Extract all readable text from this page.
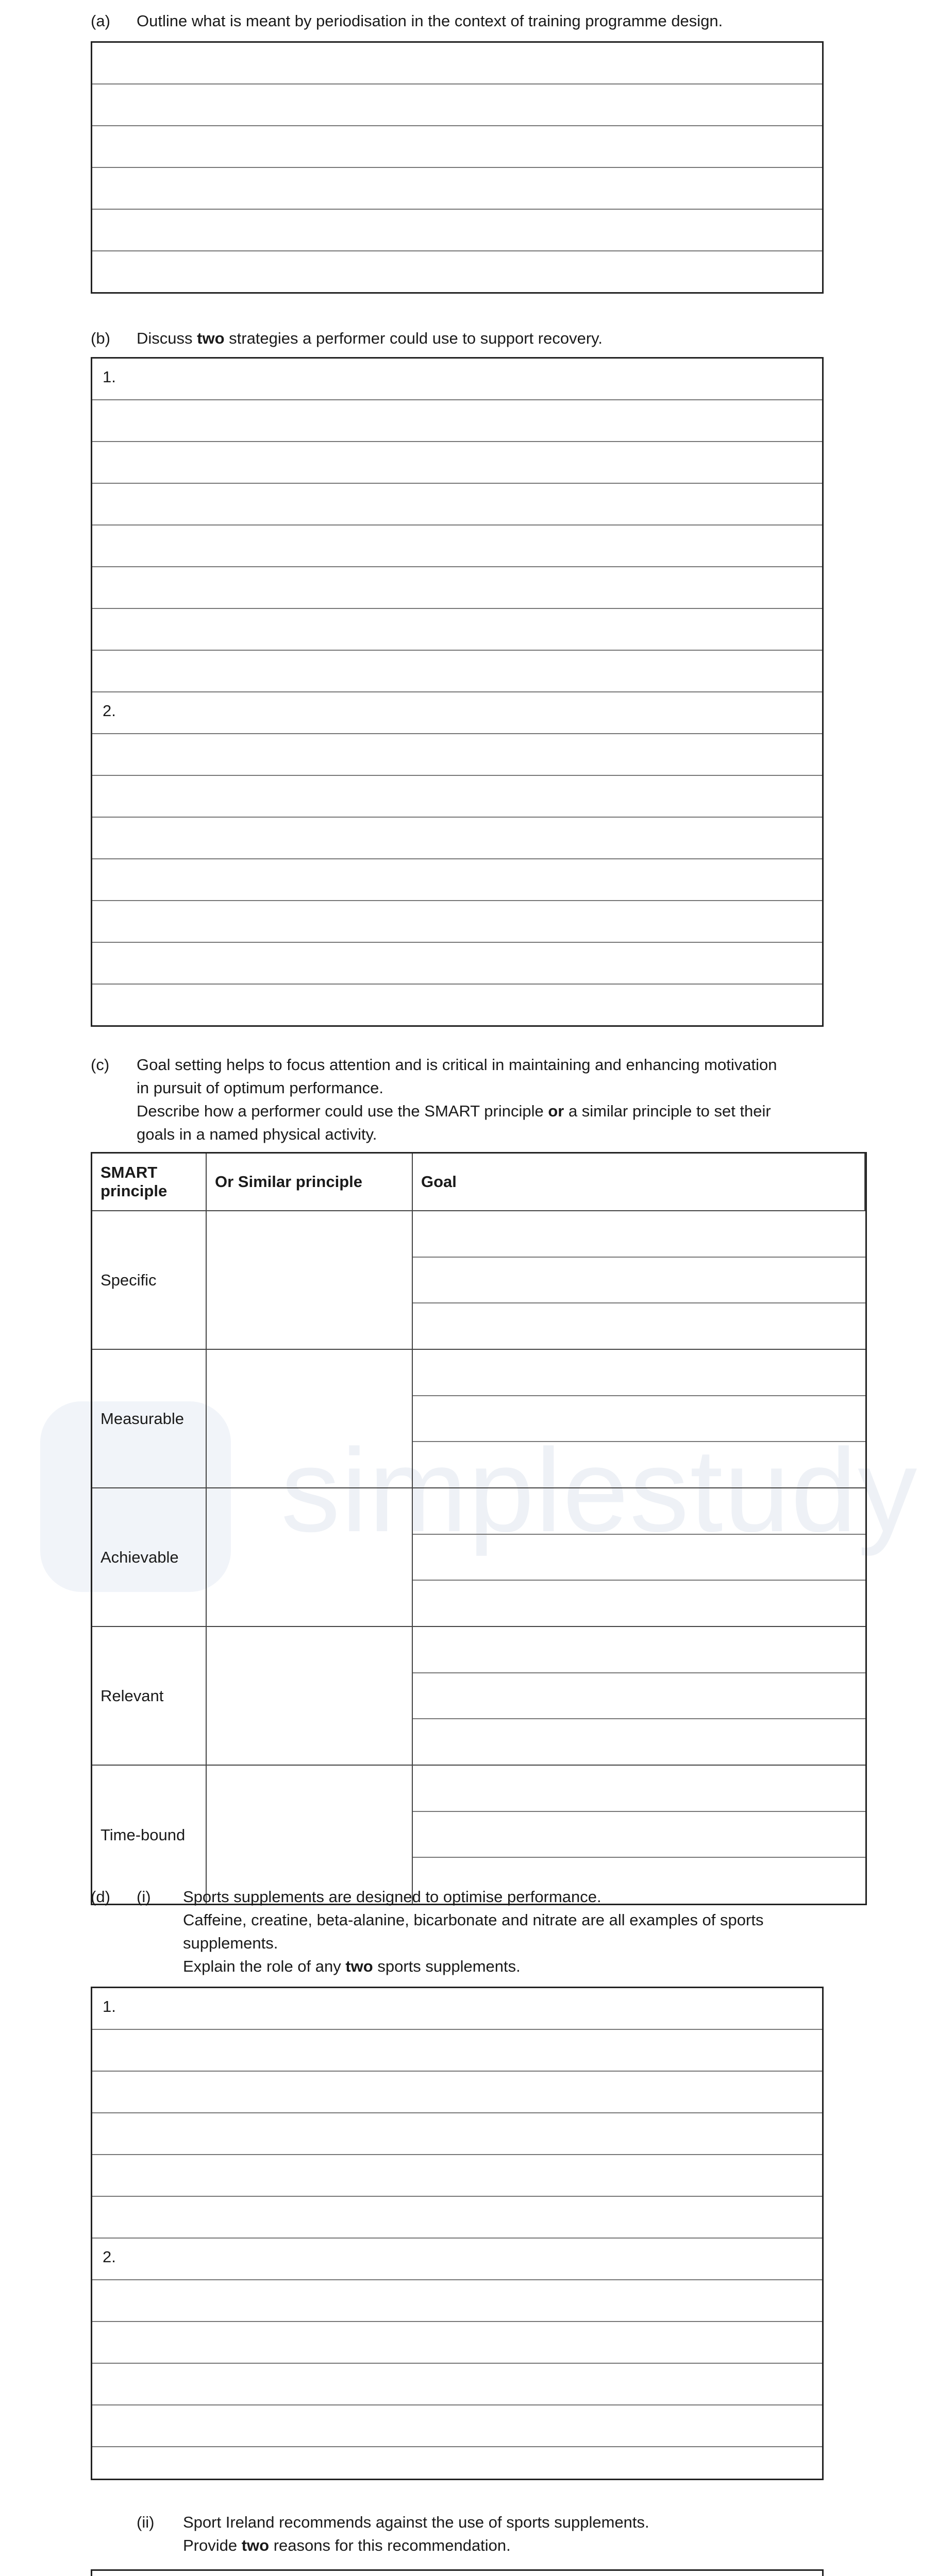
simplestudy
(a) Outline what is meant by periodisation in the context of training programme design.
(b) Discuss two strategies a performer could use to support recovery.
1.
2.
(c) Goal setting helps to focus attention and is critical in maintaining and enhancing motivation
in pursuit of optimum performance.
Describe how a performer could use the SMART principle or a similar principle to set their
goals in a named physical activity.
SMART principle
Or Similar principle	Goal
Specific
Measurable
Achievable
Relevant
Time-bound
(d) (i) Sports supplements are designed to optimise performance.
Caffeine, creatine, beta-alanine, bicarbonate and nitrate are all examples of sports
supplements.
Explain the role of any two sports supplements.
1.
2.
(ii) Sport Ireland recommends against the use of sports supplements.
Provide two reasons for this recommendation.
